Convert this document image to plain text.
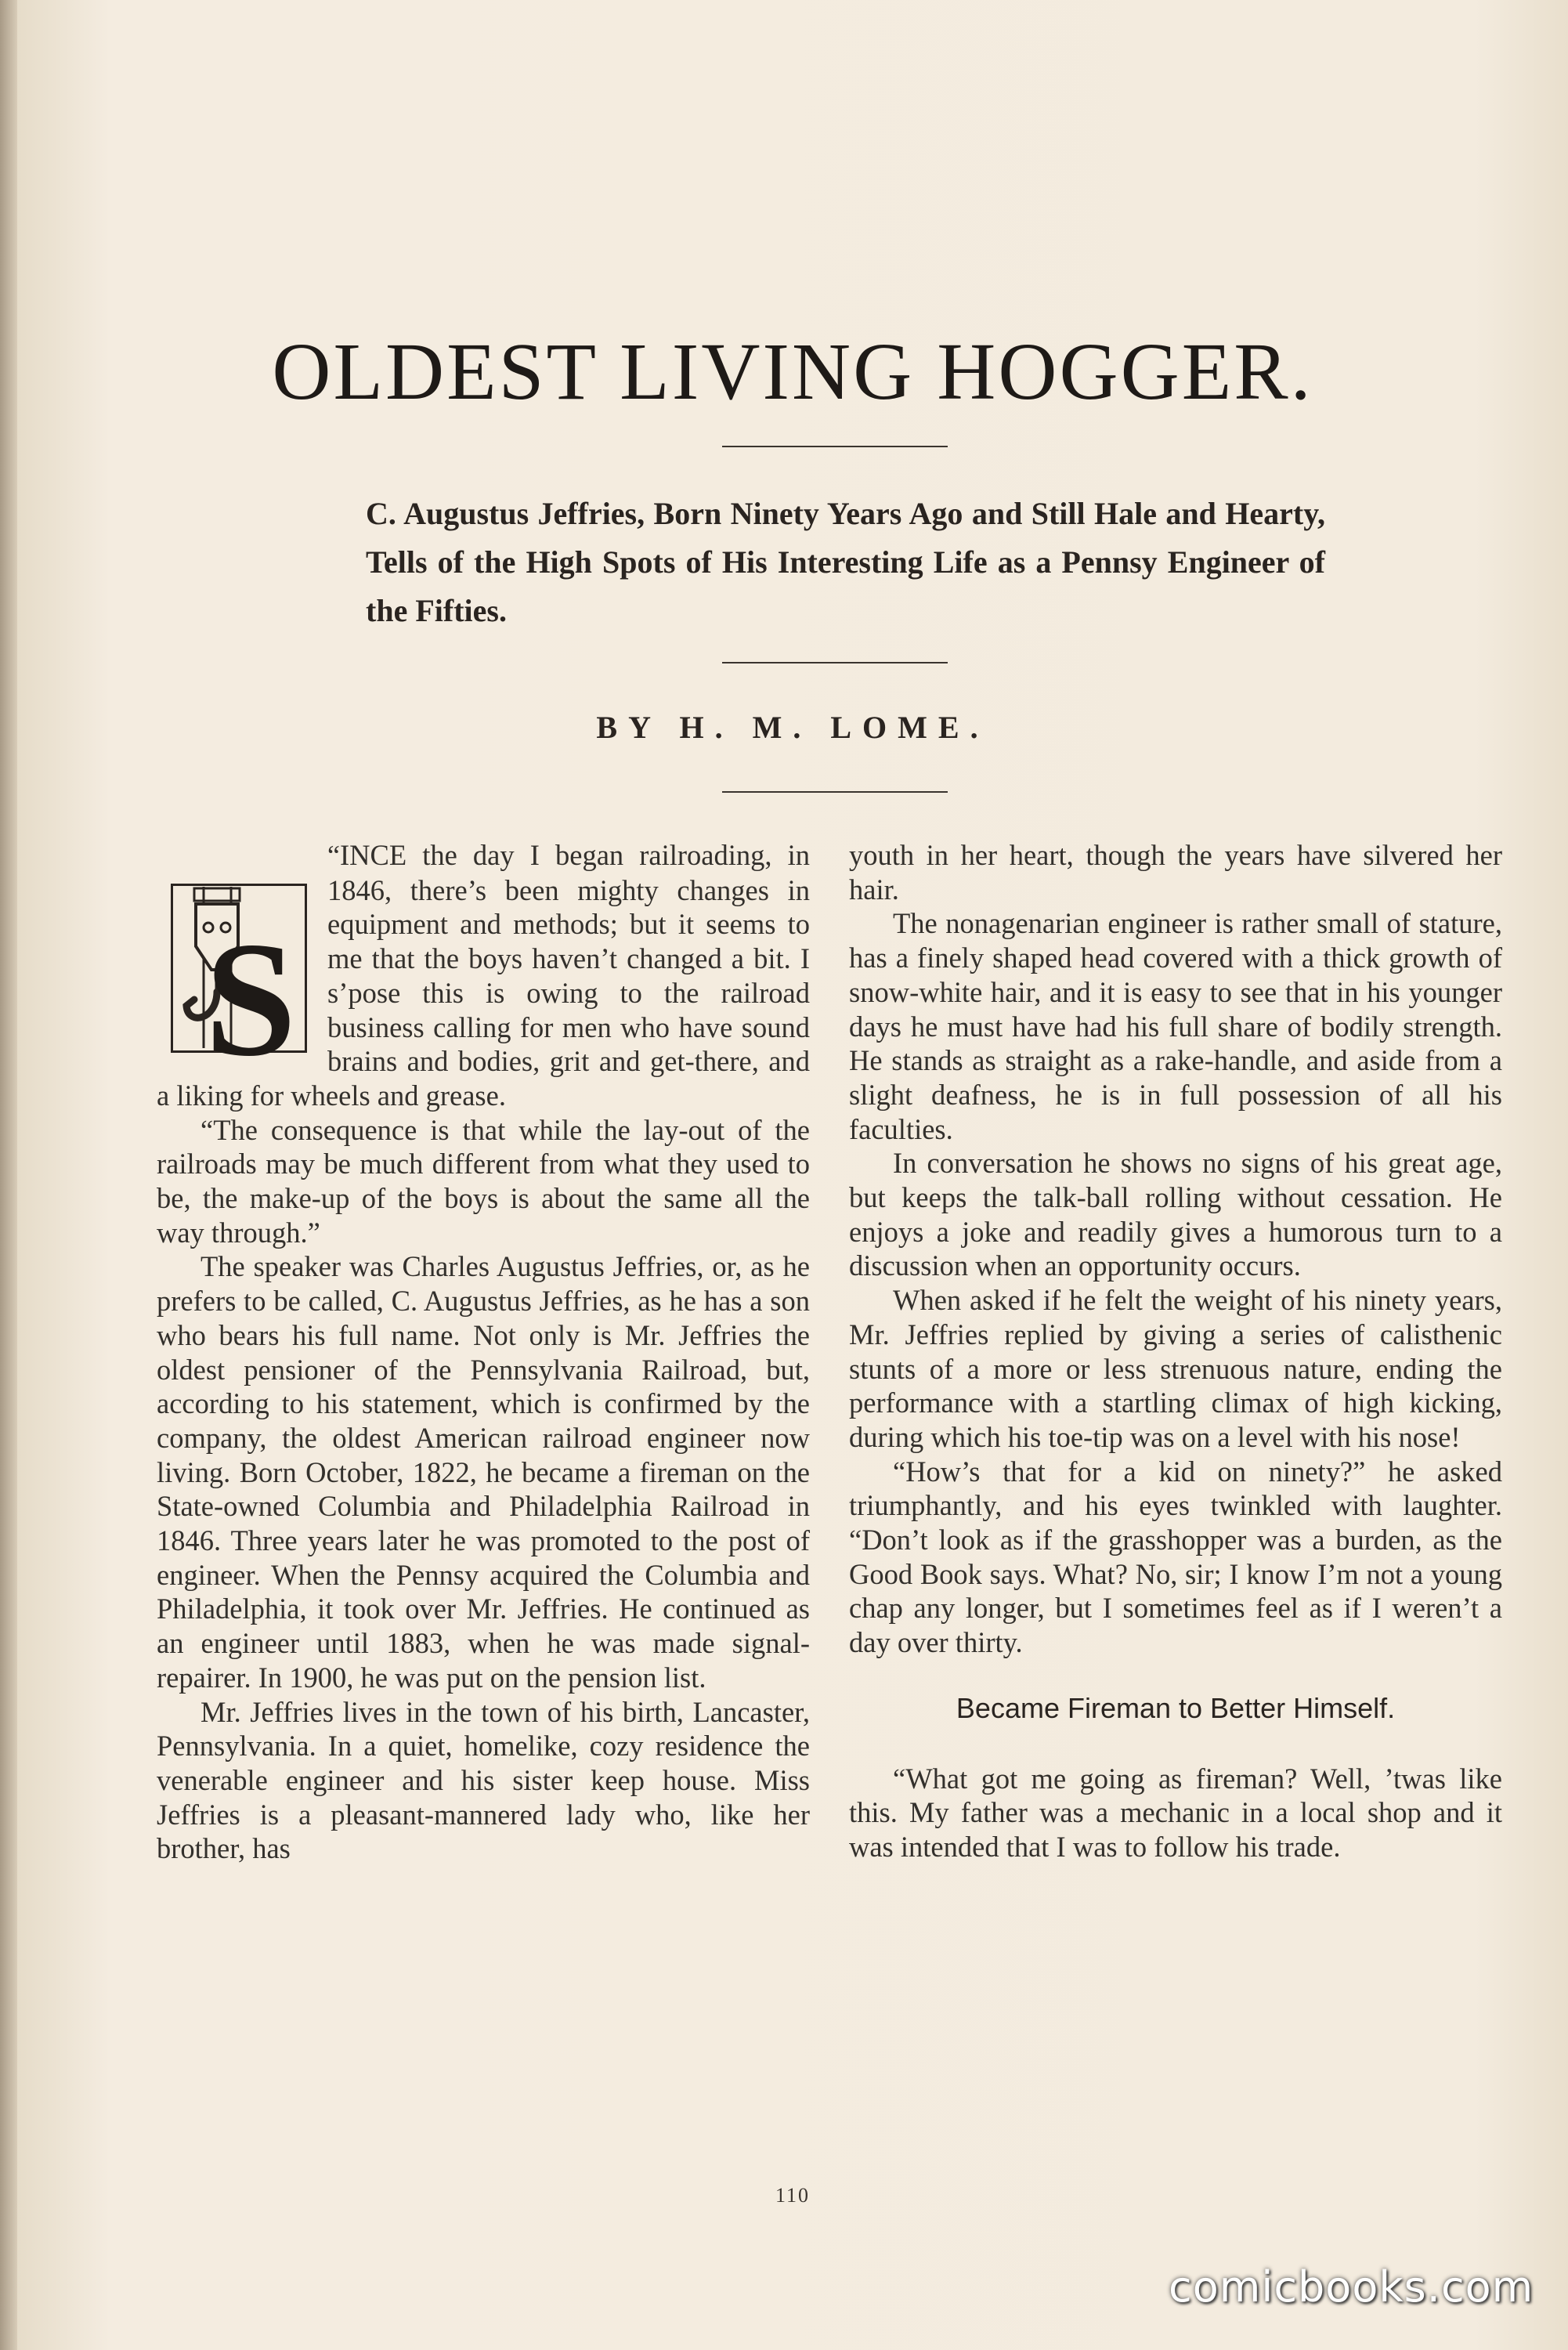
OLDEST LIVING HOGGER.
C. Augustus Jeffries, Born Ninety Years Ago and Still Hale and Hearty, Tells of the High Spots of His Interesting Life as a Pennsy Engineer of the Fifties.
BY H. M. LOME.

S
“INCE the day I began railroading, in 1846, there’s been mighty changes in equipment and methods; but it seems to me that the boys haven’t changed a bit. I s’pose this is owing to the railroad business calling for men who have sound brains and bodies, grit and get-there, and a liking for wheels and grease.

“The consequence is that while the lay-out of the railroads may be much different from what they used to be, the make-up of the boys is about the same all the way through.”

The speaker was Charles Augustus Jeffries, or, as he prefers to be called, C. Augustus Jeffries, as he has a son who bears his full name. Not only is Mr. Jeffries the oldest pensioner of the Pennsylvania Railroad, but, according to his statement, which is confirmed by the company, the oldest American railroad engineer now living. Born October, 1822, he became a fireman on the State-owned Columbia and Philadelphia Railroad in 1846. Three years later he was promoted to the post of engineer. When the Pennsy acquired the Columbia and Philadelphia, it took over Mr. Jeffries. He continued as an engineer until 1883, when he was made signal-repairer. In 1900, he was put on the pension list.

Mr. Jeffries lives in the town of his birth, Lancaster, Pennsylvania. In a quiet, homelike, cozy residence the venerable engineer and his sister keep house. Miss Jeffries is a pleasant-mannered lady who, like her brother, has

youth in her heart, though the years have silvered her hair.

The nonagenarian engineer is rather small of stature, has a finely shaped head covered with a thick growth of snow-white hair, and it is easy to see that in his younger days he must have had his full share of bodily strength. He stands as straight as a rake-handle, and aside from a slight deafness, he is in full possession of all his faculties.

In conversation he shows no signs of his great age, but keeps the talk-ball rolling without cessation. He enjoys a joke and readily gives a humorous turn to a discussion when an opportunity occurs.

When asked if he felt the weight of his ninety years, Mr. Jeffries replied by giving a series of calisthenic stunts of a more or less strenuous nature, ending the performance with a startling climax of high kicking, during which his toe-tip was on a level with his nose!

“How’s that for a kid on ninety?” he asked triumphantly, and his eyes twinkled with laughter. “Don’t look as if the grasshopper was a burden, as the Good Book says. What? No, sir; I know I’m not a young chap any longer, but I sometimes feel as if I weren’t a day over thirty.

Became Fireman to Better Himself.

“What got me going as fireman? Well, ’twas like this. My father was a mechanic in a local shop and it was intended that I was to follow his trade.

110
comicbooks.com
